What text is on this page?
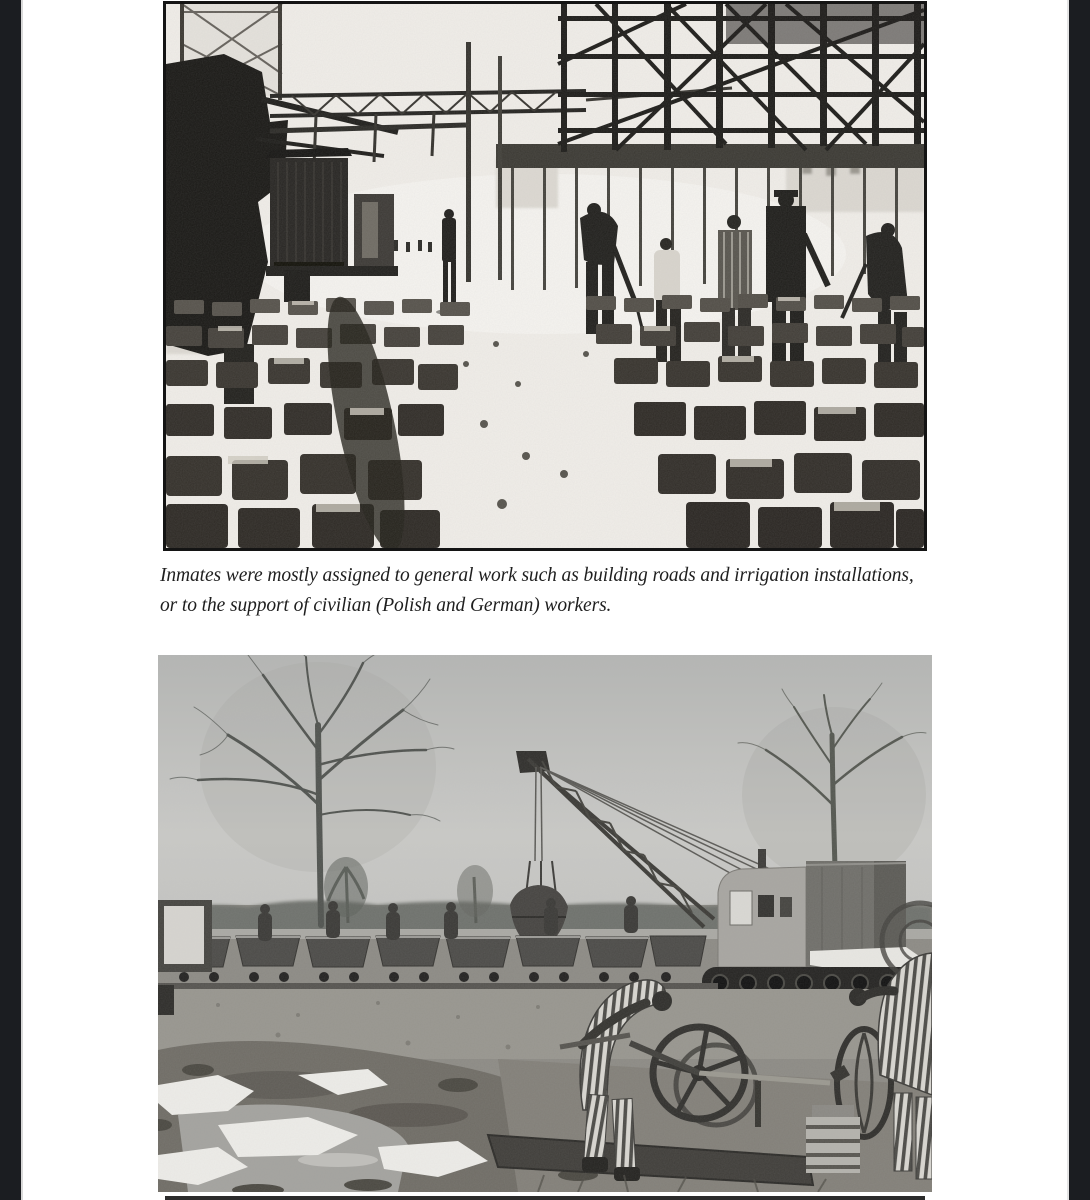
Inmates were mostly assigned to general work such as building roads and irrigation installations,
or to the support of civilian (Polish and German) workers.
